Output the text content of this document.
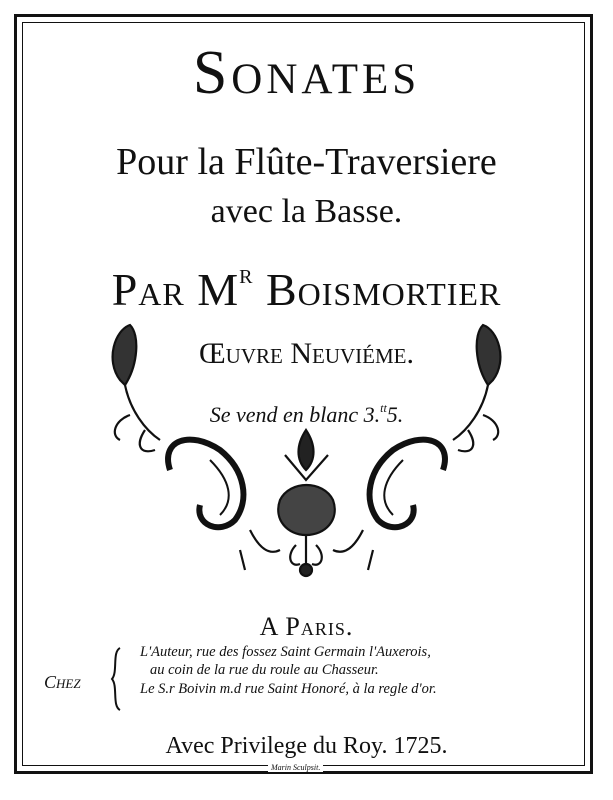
Sonates
Pour la Flûte-Traversiere
avec la Basse.
Par $M^R$ Boismortier
Œuvre Neuviéme.
Se vend en blanc 3.$^{tt}$5.
A Paris.
Chez
L'Auteur, rue des fossez Saint Germain l'Auxerois,
au coin de la rue du roule au Chasseur.
Le S.r Boivin m.d rue Saint Honoré, à la regle d'or.
Avec Privilege du Roy. 1725.
Marin Sculpsit.
